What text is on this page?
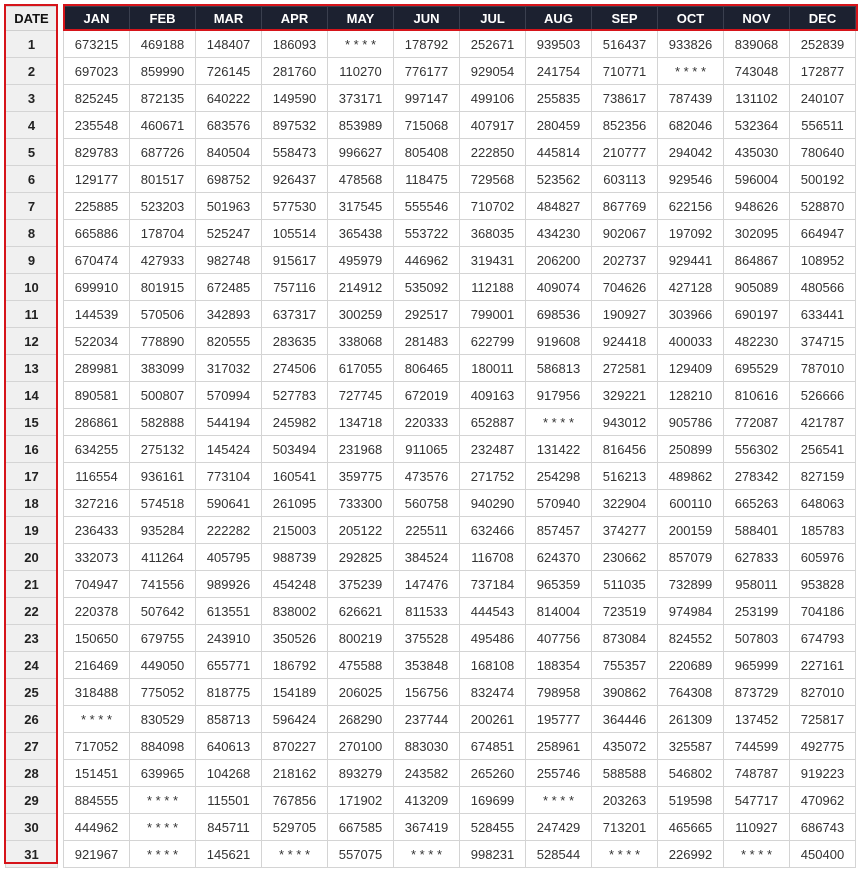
DATE		JAN	FEB	MAR	APR	MAY	JUN	JUL	AUG	SEP	OCT	NOV	DEC
1		673215	469188	148407	186093	* * * *	178792	252671	939503	516437	933826	839068	252839
2		697023	859990	726145	281760	110270	776177	929054	241754	710771	* * * *	743048	172877
3		825245	872135	640222	149590	373171	997147	499106	255835	738617	787439	131102	240107
4		235548	460671	683576	897532	853989	715068	407917	280459	852356	682046	532364	556511
5		829783	687726	840504	558473	996627	805408	222850	445814	210777	294042	435030	780640
6		129177	801517	698752	926437	478568	118475	729568	523562	603113	929546	596004	500192
7		225885	523203	501963	577530	317545	555546	710702	484827	867769	622156	948626	528870
8		665886	178704	525247	105514	365438	553722	368035	434230	902067	197092	302095	664947
9		670474	427933	982748	915617	495979	446962	319431	206200	202737	929441	864867	108952
10		699910	801915	672485	757116	214912	535092	112188	409074	704626	427128	905089	480566
11		144539	570506	342893	637317	300259	292517	799001	698536	190927	303966	690197	633441
12		522034	778890	820555	283635	338068	281483	622799	919608	924418	400033	482230	374715
13		289981	383099	317032	274506	617055	806465	180011	586813	272581	129409	695529	787010
14		890581	500807	570994	527783	727745	672019	409163	917956	329221	128210	810616	526666
15		286861	582888	544194	245982	134718	220333	652887	* * * *	943012	905786	772087	421787
16		634255	275132	145424	503494	231968	911065	232487	131422	816456	250899	556302	256541
17		116554	936161	773104	160541	359775	473576	271752	254298	516213	489862	278342	827159
18		327216	574518	590641	261095	733300	560758	940290	570940	322904	600110	665263	648063
19		236433	935284	222282	215003	205122	225511	632466	857457	374277	200159	588401	185783
20		332073	411264	405795	988739	292825	384524	116708	624370	230662	857079	627833	605976
21		704947	741556	989926	454248	375239	147476	737184	965359	511035	732899	958011	953828
22		220378	507642	613551	838002	626621	811533	444543	814004	723519	974984	253199	704186
23		150650	679755	243910	350526	800219	375528	495486	407756	873084	824552	507803	674793
24		216469	449050	655771	186792	475588	353848	168108	188354	755357	220689	965999	227161
25		318488	775052	818775	154189	206025	156756	832474	798958	390862	764308	873729	827010
26		* * * *	830529	858713	596424	268290	237744	200261	195777	364446	261309	137452	725817
27		717052	884098	640613	870227	270100	883030	674851	258961	435072	325587	744599	492775
28		151451	639965	104268	218162	893279	243582	265260	255746	588588	546802	748787	919223
29		884555	* * * *	115501	767856	171902	413209	169699	* * * *	203263	519598	547717	470962
30		444962	* * * *	845711	529705	667585	367419	528455	247429	713201	465665	110927	686743
31		921967	* * * *	145621	* * * *	557075	* * * *	998231	528544	* * * *	226992	* * * *	450400
